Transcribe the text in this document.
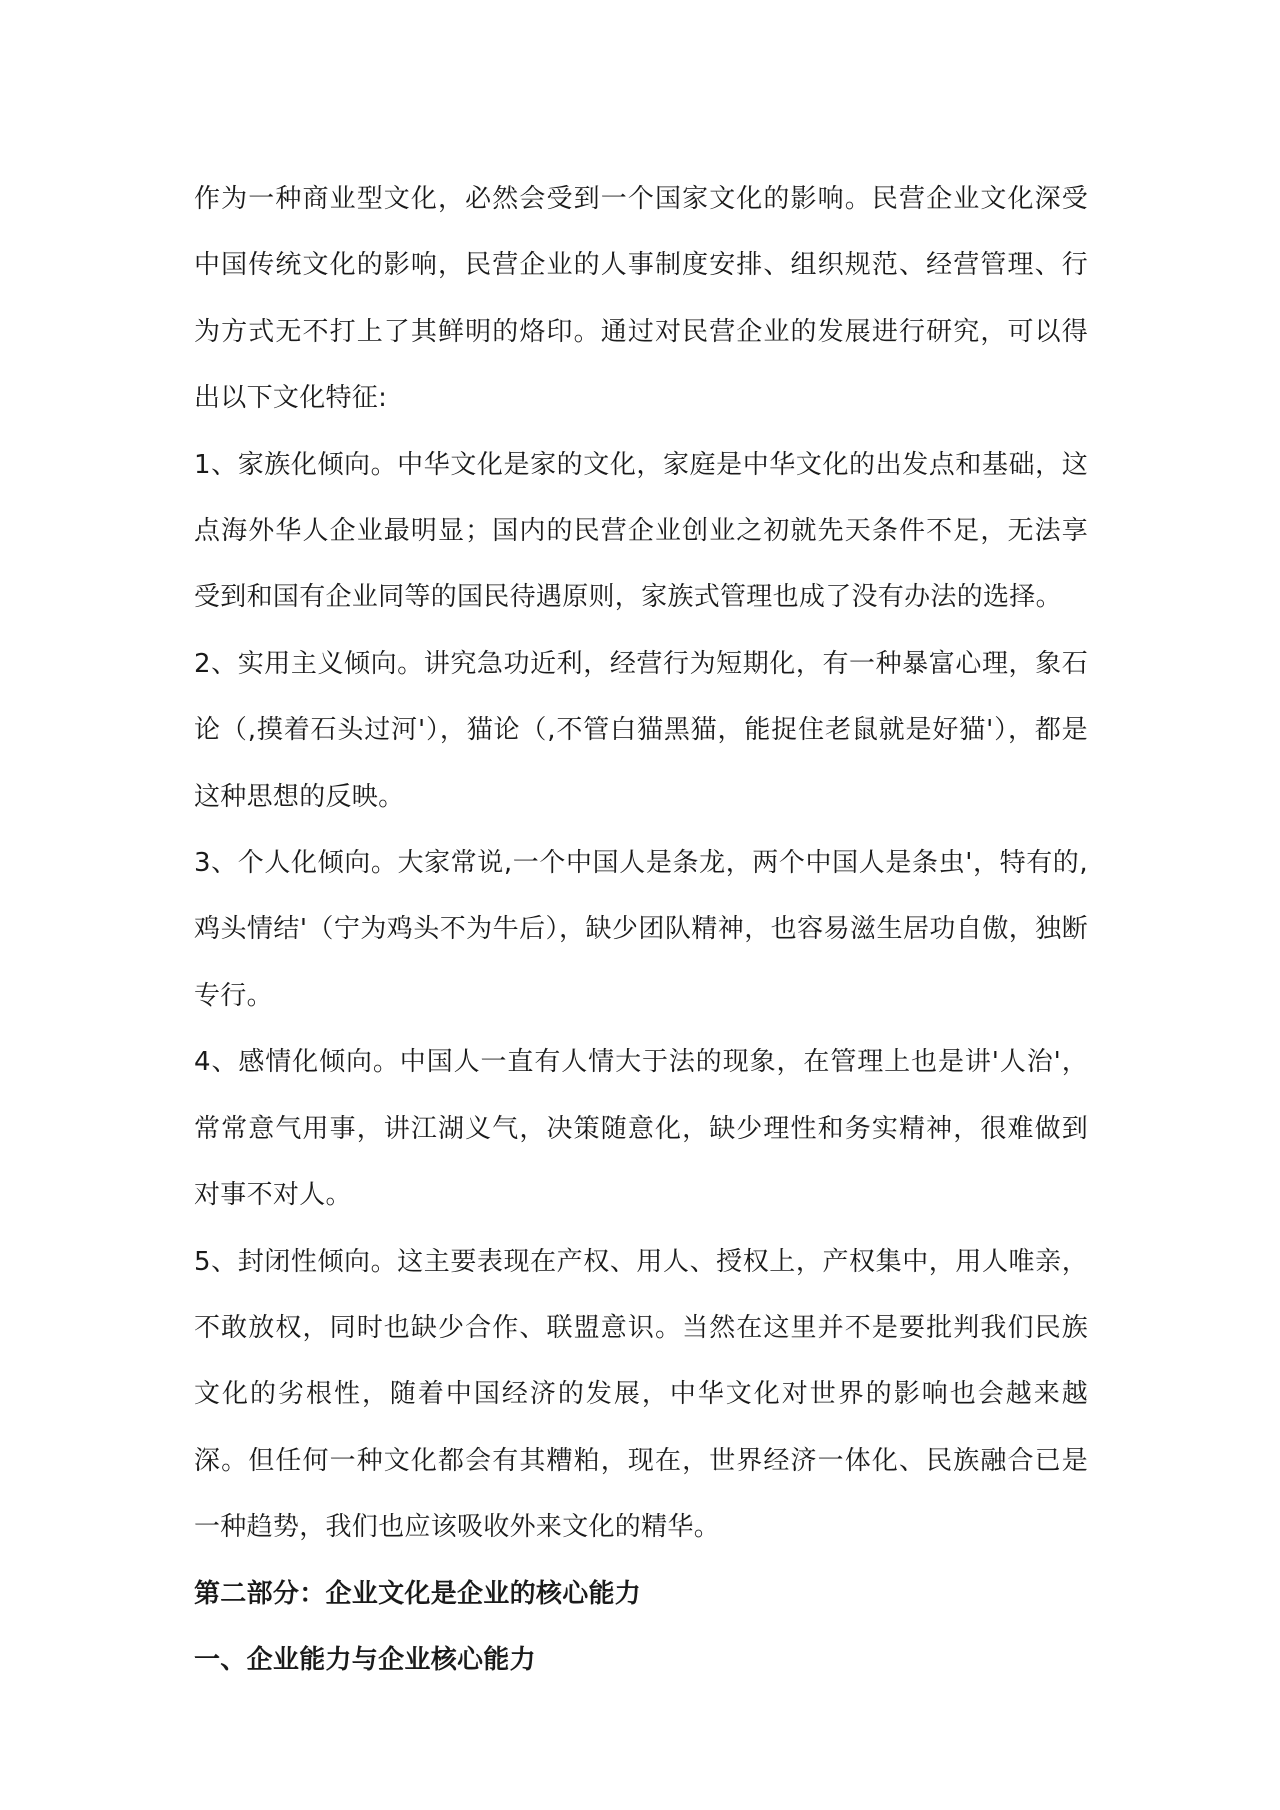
作为一种商业型文化，必然会受到一个国家文化的影响。民营企业文化深受中国传统文化的影响，民营企业的人事制度安排、组织规范、经营管理、行为方式无不打上了其鲜明的烙印。通过对民营企业的发展进行研究，可以得出以下文化特征:

1、家族化倾向。中华文化是家的文化，家庭是中华文化的出发点和基础，这点海外华人企业最明显；国内的民营企业创业之初就先天条件不足，无法享受到和国有企业同等的国民待遇原则，家族式管理也成了没有办法的选择。

2、实用主义倾向。讲究急功近利，经营行为短期化，有一种暴富心理，象石论（,摸着石头过河'），猫论（,不管白猫黑猫，能捉住老鼠就是好猫'），都是这种思想的反映。

3、个人化倾向。大家常说,一个中国人是条龙，两个中国人是条虫'，特有的,鸡头情结'（宁为鸡头不为牛后），缺少团队精神，也容易滋生居功自傲，独断专行。

4、感情化倾向。中国人一直有人情大于法的现象，在管理上也是讲'人治'，常常意气用事，讲江湖义气，决策随意化，缺少理性和务实精神，很难做到对事不对人。

5、封闭性倾向。这主要表现在产权、用人、授权上，产权集中，用人唯亲，不敢放权，同时也缺少合作、联盟意识。当然在这里并不是要批判我们民族文化的劣根性，随着中国经济的发展，中华文化对世界的影响也会越来越深。但任何一种文化都会有其糟粕，现在，世界经济一体化、民族融合已是一种趋势，我们也应该吸收外来文化的精华。

第二部分：企业文化是企业的核心能力

一、企业能力与企业核心能力
